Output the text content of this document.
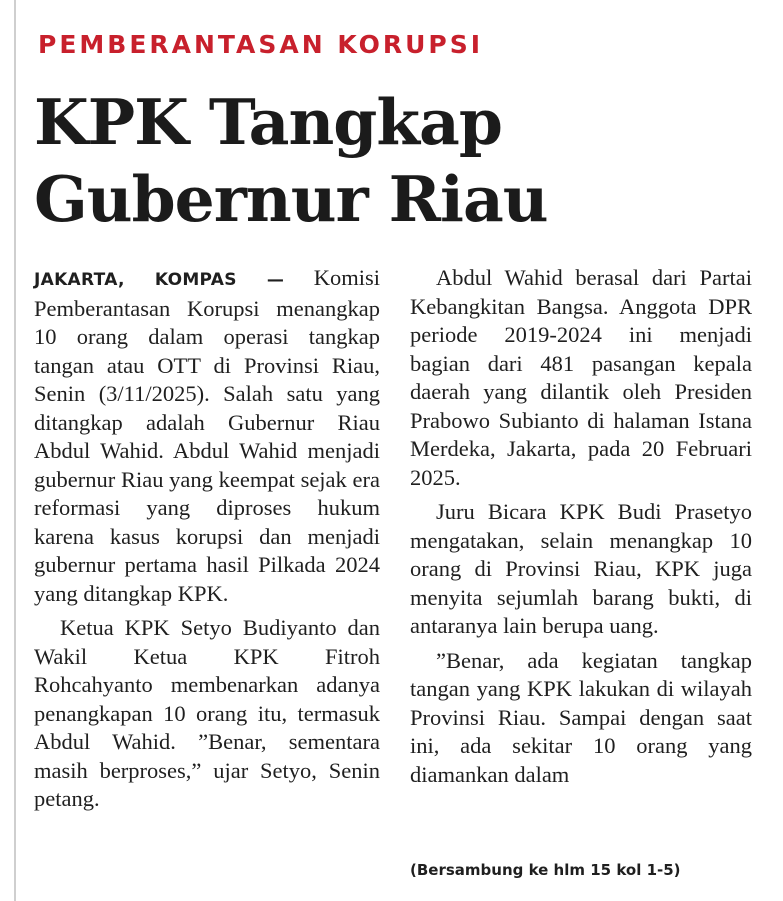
PEMBERANTASAN KORUPSI
KPK Tangkap Gubernur Riau

JAKARTA, KOMPAS — Komisi Pemberantasan Korupsi menangkap 10 orang dalam operasi tangkap tangan atau OTT di Provinsi Riau, Senin (3/11/2025). Salah satu yang ditangkap adalah Gubernur Riau Abdul Wahid. Abdul Wahid menjadi gubernur Riau yang keempat sejak era reformasi yang diproses hukum karena kasus korupsi dan menjadi gubernur pertama hasil Pilkada 2024 yang ditangkap KPK.

Ketua KPK Setyo Budiyanto dan Wakil Ketua KPK Fitroh Rohcahyanto membenarkan adanya penangkapan 10 orang itu, termasuk Abdul Wahid. ”Benar, sementara masih berproses,” ujar Setyo, Senin petang.

Abdul Wahid berasal dari Partai Kebangkitan Bangsa. Anggota DPR periode 2019-2024 ini menjadi bagian dari 481 pasangan kepala daerah yang dilantik oleh Presiden Prabowo Subianto di halaman Istana Merdeka, Jakarta, pada 20 Februari 2025.

Juru Bicara KPK Budi Prasetyo mengatakan, selain menangkap 10 orang di Provinsi Riau, KPK juga menyita sejumlah barang bukti, di antaranya lain berupa uang.

”Benar, ada kegiatan tangkap tangan yang KPK lakukan di wilayah Provinsi Riau. Sampai dengan saat ini, ada sekitar 10 orang yang diamankan dalam

(Bersambung ke hlm 15 kol 1-5)
